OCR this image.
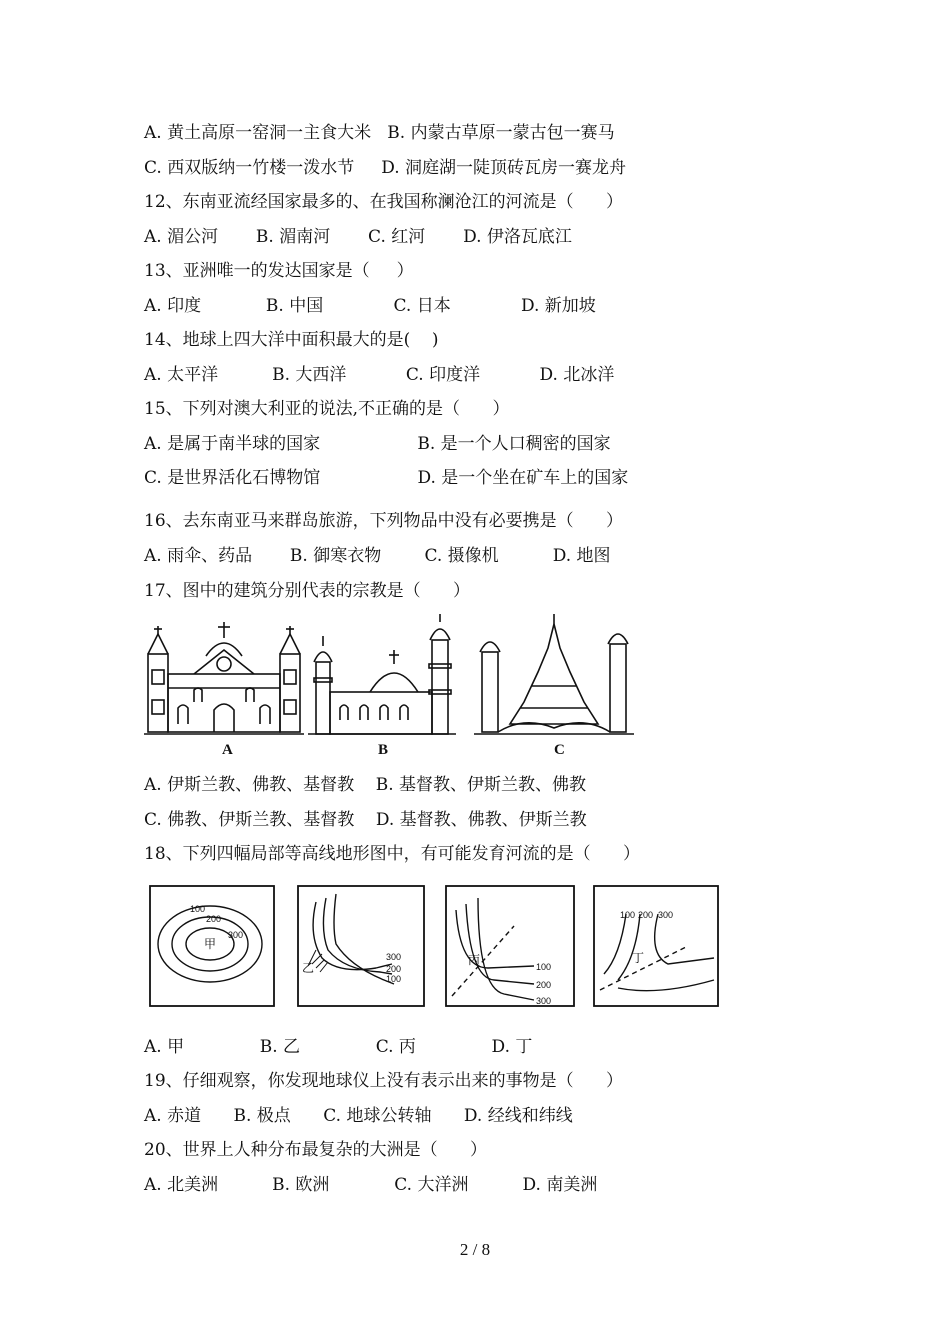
A. 黄土高原一窑洞一主食大米   B. 内蒙古草原一蒙古包一赛马
C. 西双版纳一竹楼一泼水节     D. 洞庭湖一陡顶砖瓦房一赛龙舟
12、东南亚流经国家最多的、在我国称澜沧江的河流是（      ）
A. 湄公河       B. 湄南河       C. 红河       D. 伊洛瓦底江
13、亚洲唯一的发达国家是（     ）
A. 印度            B. 中国             C. 日本             D. 新加坡
14、地球上四大洋中面积最大的是(    )
A. 太平洋          B. 大西洋           C. 印度洋           D. 北冰洋
15、下列对澳大利亚的说法,不正确的是（      ）
A. 是属于南半球的国家                  B. 是一个人口稠密的国家
C. 是世界活化石博物馆                  D. 是一个坐在矿车上的国家
16、去东南亚马来群岛旅游，下列物品中没有必要携是（      ）
A. 雨伞、药品       B. 御寒衣物        C. 摄像机          D. 地图
17、图中的建筑分别代表的宗教是（      ）
A	B	C
A. 伊斯兰教、佛教、基督教    B. 基督教、伊斯兰教、佛教
C. 佛教、伊斯兰教、基督教    D. 基督教、佛教、伊斯兰教
18、下列四幅局部等高线地形图中，有可能发育河流的是（      ）
100
200
300
300
200
100
100
200
300
100 200 300
甲
乙
丙	丁
A. 甲              B. 乙              C. 丙              D. 丁
19、仔细观察，你发现地球仪上没有表示出来的事物是（      ）
A. 赤道      B. 极点      C. 地球公转轴      D. 经线和纬线
20、世界上人种分布最复杂的大洲是（      ）
A. 北美洲          B. 欧洲            C. 大洋洲          D. 南美洲
2 / 8
